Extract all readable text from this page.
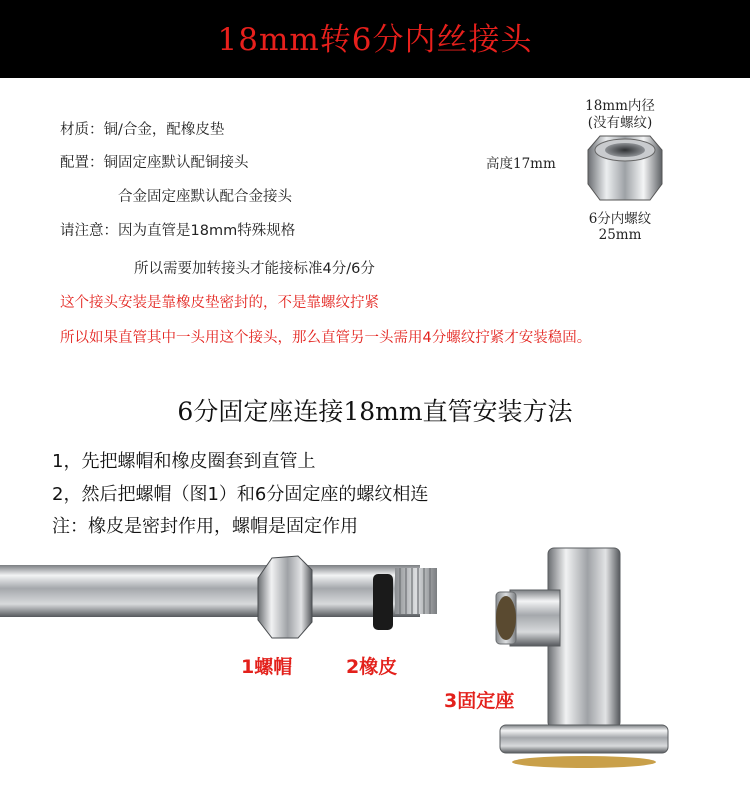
18mm转6分内丝接头
材质：铜/合金，配橡皮垫
配置：铜固定座默认配铜接头
合金固定座默认配合金接头
请注意：因为直管是18mm特殊规格
所以需要加转接头才能接标准4分/6分
这个接头安装是靠橡皮垫密封的，不是靠螺纹拧紧
所以如果直管其中一头用这个接头，那么直管另一头需用4分螺纹拧紧才安装稳固。
18mm内径
(没有螺纹)
高度17mm
6分内螺纹
25mm
6分固定座连接18mm直管安装方法
1，先把螺帽和橡皮圈套到直管上
2，然后把螺帽（图1）和6分固定座的螺纹相连
注：橡皮是密封作用，螺帽是固定作用
1螺帽	2橡皮
3固定座
